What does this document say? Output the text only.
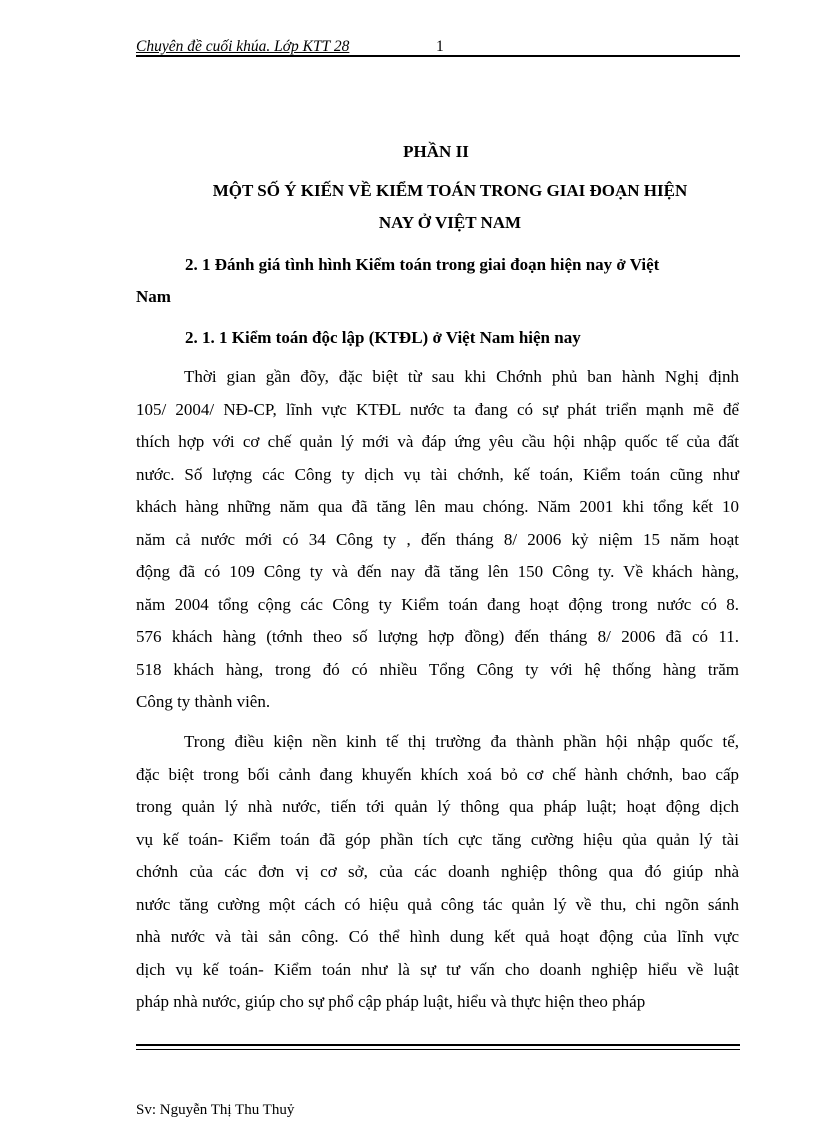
Chuyên đề cuối khúa. Lớp KTT 28	1
PHẦN II
MỘT SỐ Ý KIẾN VỀ KIỂM TOÁN TRONG GIAI ĐOẠN HIỆN
NAY Ở VIỆT NAM
2. 1 Đánh giá tình hình Kiểm toán trong giai đoạn hiện nay ở Việt
Nam
2. 1. 1 Kiểm toán độc lập (KTĐL) ở Việt Nam hiện nay
Thời gian gần đõy, đặc biệt từ sau khi Chớnh phủ ban hành Nghị định
105/ 2004/ NĐ-CP, lĩnh vực KTĐL nước ta đang có sự phát triển mạnh mẽ để
thích hợp với cơ chế quản lý mới và đáp ứng yêu cầu hội nhập quốc tế của đất
nước. Số lượng các Công ty dịch vụ tài chớnh, kế toán, Kiểm toán cũng như
khách hàng những năm qua đã tăng lên mau chóng. Năm 2001 khi tổng kết 10
năm cả nước mới có 34 Công ty , đến tháng 8/ 2006 kỷ niệm 15 năm hoạt
động đã có 109 Công ty và đến nay đã tăng lên 150 Công ty. Về khách hàng,
năm 2004 tổng cộng các Công ty Kiểm toán đang hoạt động trong nước có 8.
576 khách hàng (tớnh theo số lượng hợp đồng) đến tháng 8/ 2006 đã có 11.
518 khách hàng, trong đó có nhiều Tổng Công ty với hệ thống hàng trăm
Công ty thành viên.
Trong điều kiện nền kinh tế thị trường đa thành phần hội nhập quốc tế,
đặc biệt trong bối cảnh đang khuyến khích xoá bỏ cơ chế hành chớnh, bao cấp
trong quản lý nhà nước, tiến tới quản lý thông qua pháp luật; hoạt động dịch
vụ kế toán- Kiểm toán đã góp phần tích cực tăng cường hiệu qủa quản lý tài
chớnh của các đơn vị cơ sở, của các doanh nghiệp thông qua đó giúp nhà
nước tăng cường một cách có hiệu quả công tác quản lý về thu, chi ngõn sánh
nhà nước và tài sản công. Có thể hình dung kết quả hoạt động của lĩnh vực
dịch vụ kế toán- Kiểm toán như là sự tư vấn cho doanh nghiệp hiểu về luật
pháp nhà nước, giúp cho sự phổ cập pháp luật, hiểu và thực hiện theo pháp
Sv: Nguyễn Thị Thu Thuỷ
